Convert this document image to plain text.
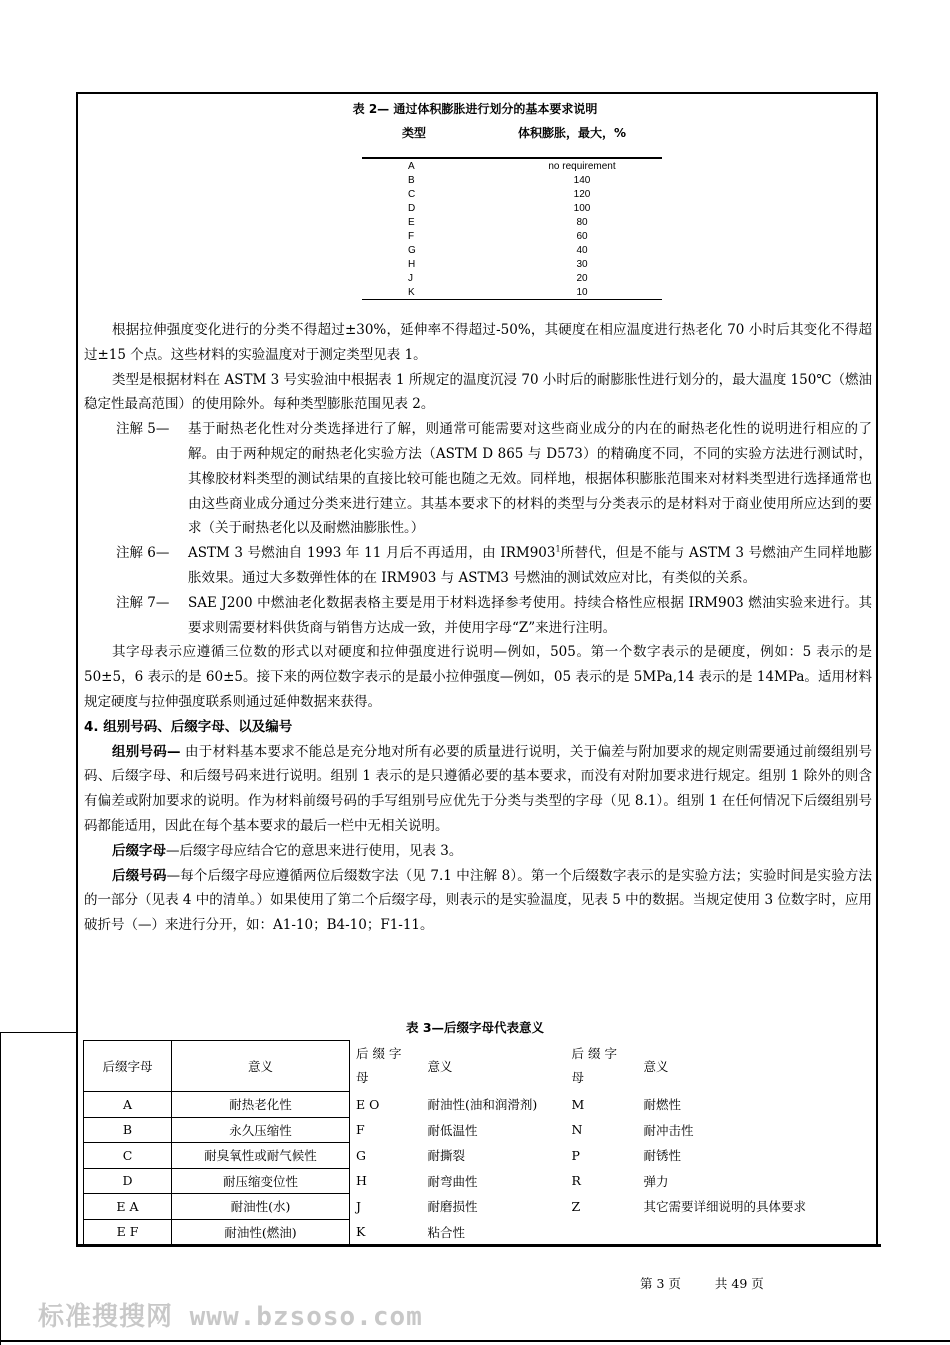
表 2— 通过体积膨胀进行划分的基本要求说明
类型	体积膨胀，最大，%
A	no requirement
B	140
C	120
D	100
E	80
F	60
G	40
H	30
J	20
K	10

根据拉伸强度变化进行的分类不得超过±30%，延伸率不得超过-50%，其硬度在相应温度进行热老化 70 小时后其变化不得超过±15 个点。这些材料的实验温度对于测定类型见表 1。

类型是根据材料在 ASTM 3 号实验油中根据表 1 所规定的温度沉浸 70 小时后的耐膨胀性进行划分的，最大温度 150℃（燃油稳定性最高范围）的使用除外。每种类型膨胀范围见表 2。

注解 5— 基于耐热老化性对分类选择进行了解，则通常可能需要对这些商业成分的内在的耐热老化性的说明进行相应的了解。由于两种规定的耐热老化实验方法（ASTM D 865 与 D573）的精确度不同，不同的实验方法进行测试时，其橡胶材料类型的测试结果的直接比较可能也随之无效。同样地，根据体积膨胀范围来对材料类型进行选择通常也由这些商业成分通过分类来进行建立。其基本要求下的材料的类型与分类表示的是材料对于商业使用所应达到的要求（关于耐热老化以及耐燃油膨胀性。）

注解 6— ASTM 3 号燃油自 1993 年 11 月后不再适用，由 $IRM903^1$所替代，但是不能与 ASTM 3 号燃油产生同样地膨胀效果。通过大多数弹性体的在 IRM903 与 ASTM3 号燃油的测试效应对比，有类似的关系。

注解 7— SAE J200 中燃油老化数据表格主要是用于材料选择参考使用。持续合格性应根据 IRM903 燃油实验来进行。其要求则需要材料供货商与销售方达成一致，并使用字母“Z”来进行注明。

其字母表示应遵循三位数的形式以对硬度和拉伸强度进行说明—例如，505。第一个数字表示的是硬度，例如：5 表示的是 50±5，6 表示的是 60±5。接下来的两位数字表示的是最小拉伸强度—例如，05 表示的是 5MPa,14 表示的是 14MPa。适用材料规定硬度与拉伸强度联系则通过延伸数据来获得。

4. 组别号码、后缀字母、以及编号

组别号码— 由于材料基本要求不能总是充分地对所有必要的质量进行说明，关于偏差与附加要求的规定则需要通过前缀组别号码、后缀字母、和后缀号码来进行说明。组别 1 表示的是只遵循必要的基本要求，而没有对附加要求进行规定。组别 1 除外的则含有偏差或附加要求的说明。作为材料前缀号码的手写组别号应优先于分类与类型的字母（见 8.1）。组别 1 在任何情况下后缀组别号码都能适用，因此在每个基本要求的最后一栏中无相关说明。

后缀字母—后缀字母应结合它的意思来进行使用，见表 3。

后缀号码—每个后缀字母应遵循两位后缀数字法（见 7.1 中注解 8）。第一个后缀数字表示的是实验方法；实验时间是实验方法的一部分（见表 4 中的清单。）如果使用了第二个后缀字母，则表示的是实验温度，见表 5 中的数据。当规定使用 3 位数字时，应用破折号（—）来进行分开，如：A1-10；B4-10；F1-11。

表 3—后缀字母代表意义
后缀字母	意义	后 缀 字 母	意义	后 缀 字 母	意义
A	耐热老化性	E O	耐油性(油和润滑剂)	M	耐燃性
B	永久压缩性	F	耐低温性	N	耐冲击性
C	耐臭氧性或耐气候性	G	耐撕裂	P	耐锈性
D	耐压缩变位性	H	耐弯曲性	R	弹力
E A	耐油性(水)	J	耐磨损性	Z	其它需要详细说明的具体要求
E F	耐油性(燃油)	K	粘合性		
第 3 页	共 49 页
标准搜搜网 www.bzsoso.com
